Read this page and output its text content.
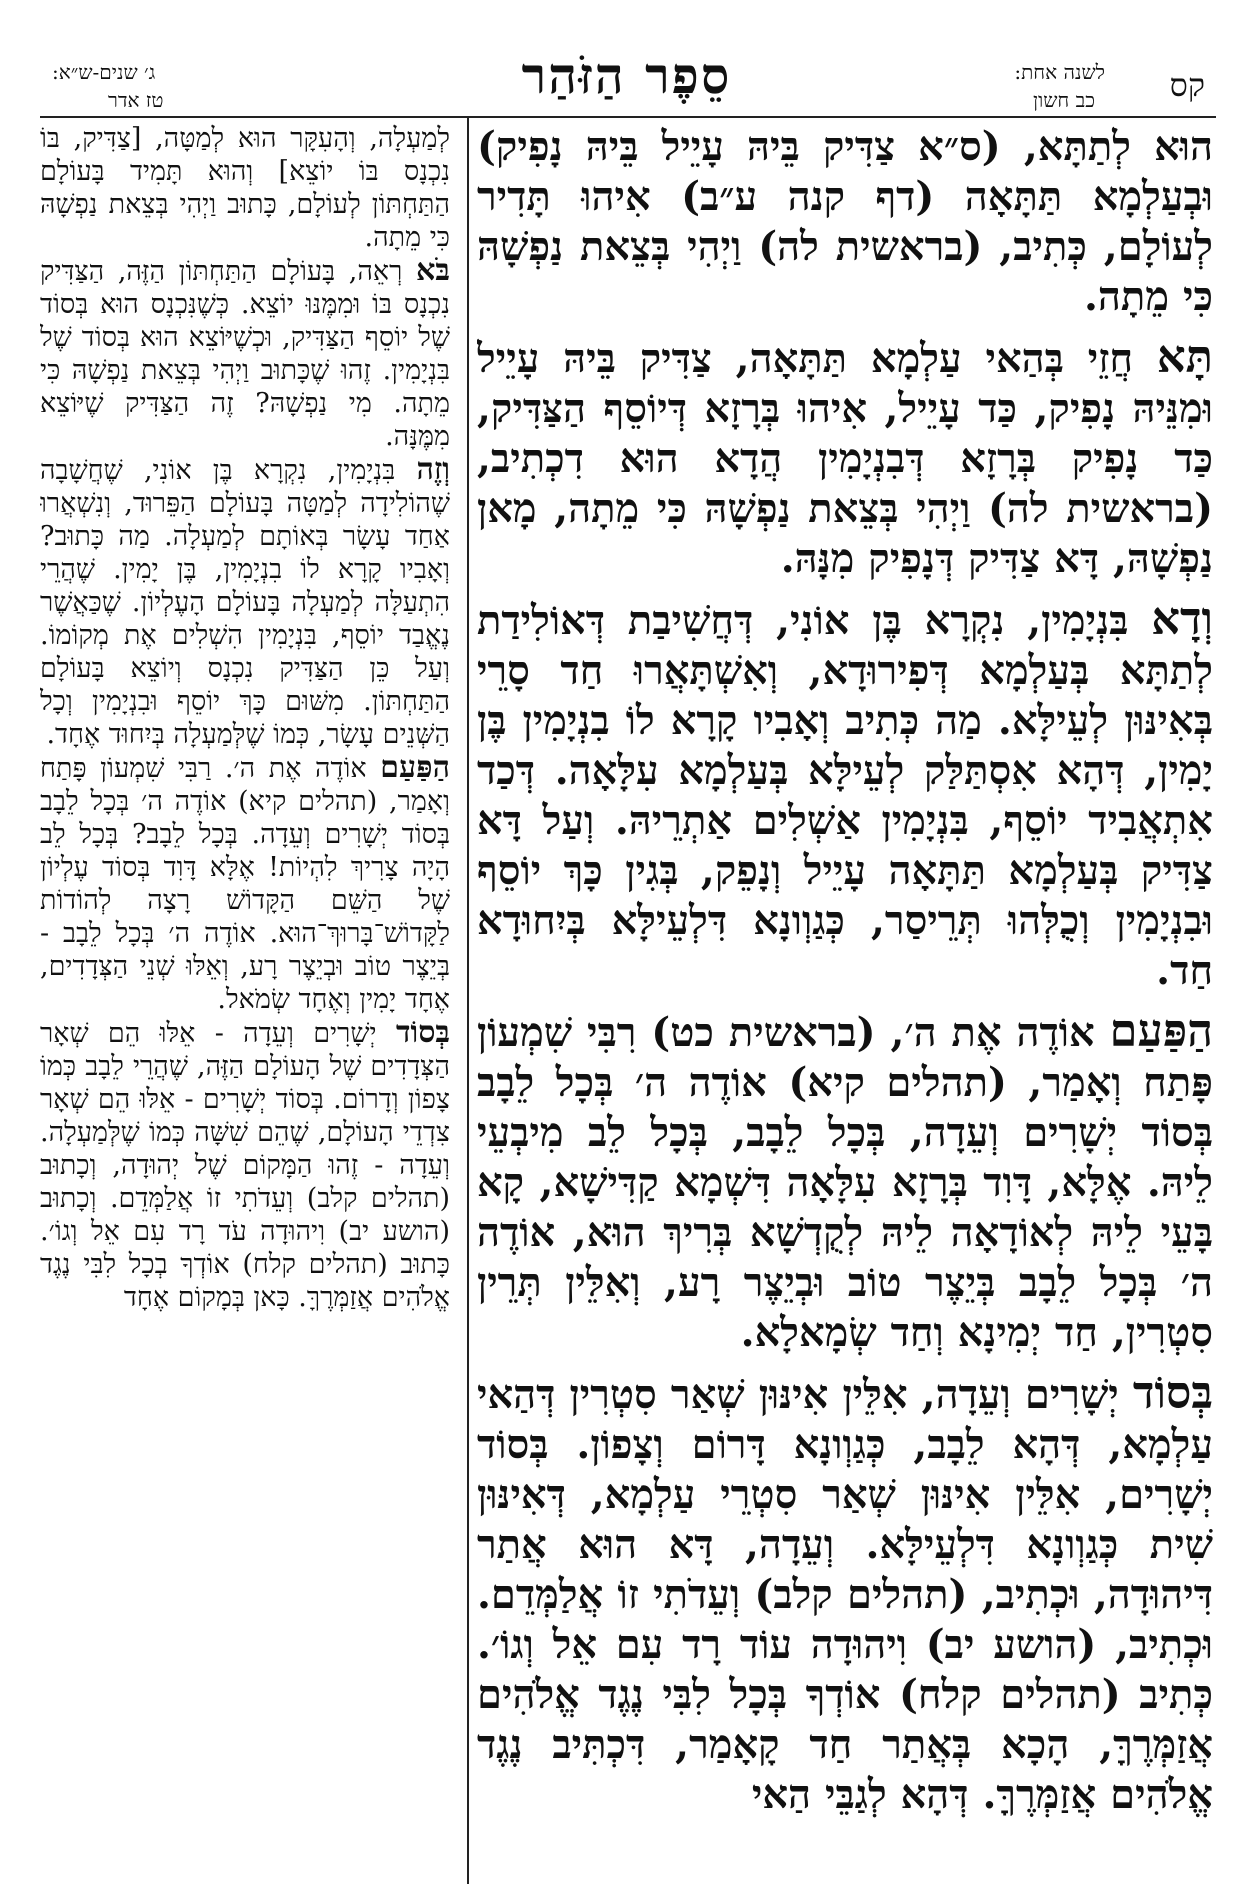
קס
לשנה אחת:
כב חשון
סֵפֶר הַזֹּהַר
ג׳ שנים-ש״א:
טז אדר

הוּא לְתַתָּא, (ס״א צַדִּיק בֵּיהּ עָיֵיל בֵּיהּ נָפִיק) וּבְעַלְמָא תַּתָּאָה (דף קנה ע״ב) אִיהוּ תָּדִיר לְעוֹלָם, כְּתִיב, (בראשית לה) וַיְהִי בְּצֵאת נַפְשָׁהּ כִּי מֵתָה.

תָּא חֲזֵי בְּהַאי עַלְמָא תַּתָּאָה, צַדִּיק בֵּיהּ עָיֵיל וּמִנֵּיהּ נָפִיק, כַּד עָיֵיל, אִיהוּ בְּרָזָא דְּיוֹסֵף הַצַּדִּיק, כַּד נָפִיק בְּרָזָא דְּבִנְיָמִין הֲדָא הוּא דִכְתִיב, (בראשית לה) וַיְהִי בְּצֵאת נַפְשָׁהּ כִּי מֵתָה, מָאן נַפְשָׁהּ, דָּא צַדִּיק דְּנָפִיק מִנָּהּ.

וְדָא בִּנְיָמִין, נִקְרָא בֶּן אוֹנִי, דְּחֲשִׁיבַת דְּאוֹלִידַת לְתַתָּא בְּעַלְמָא דְּפִירוּדָא, וְאִשְׁתָּאֲרוּ חַד סָרֵי בְּאִינּוּן לְעֵילָּא. מַה כְּתִיב וְאָבִיו קָרָא לוֹ בִנְיָמִין בֶּן יָמִין, דְּהָא אִסְתַּלַּק לְעֵילָּא בְּעַלְמָא עִלָּאָה. דְּכַד אִתְאֲבִיד יוֹסֵף, בִּנְיָמִין אַשְׁלִים אַתְרֵיהּ. וְעַל דָּא צַדִּיק בְּעַלְמָא תַּתָּאָה עָיֵיל וְנָפֵק, בְּגִין כָּךְ יוֹסֵף וּבִנְיָמִין וְכֻלְּהוּ תְּרֵיסַר, כְּגַוְונָא דִּלְעֵילָּא בְּיִחוּדָא חַד.

הַפַּעַם אוֹדֶה אֶת ה׳, (בראשית כט) רִבִּי שִׁמְעוֹן פָּתַח וְאָמַר, (תהלים קיא) אוֹדֶה ה׳ בְּכָל לֵבָב בְּסוֹד יְשָׁרִים וְעֵדָה, בְּכָל לֵבָב, בְּכָל לֵב מִיבְעֵי לֵיהּ. אֶלָּא, דָּוִד בְּרָזָא עִלָּאָה דִּשְׁמָא קַדִּישָׁא, קָא בָּעֵי לֵיהּ לְאוֹדָאָה לֵיהּ לְקֻדְשָׁא בְּרִיךְ הוּא, אוֹדֶה ה׳ בְּכָל לֵבָב בְּיֵצֶר טוֹב וּבְיֵצֶר רָע, וְאִלֵּין תְּרֵין סִטְרִין, חַד יְמִינָא וְחַד שְׂמָאלָא.

בְּסוֹד יְשָׁרִים וְעֵדָה, אִלֵּין אִינּוּן שְׁאַר סִטְרִין דְּהַאי עַלְמָא, דְּהָא לֵבָב, כְּגַוְונָא דָּרוֹם וְצָפוֹן. בְּסוֹד יְשָׁרִים, אִלֵּין אִינּוּן שְׁאַר סִטְרֵי עַלְמָא, דְּאִינּוּן שִׁית כְּגַוְונָא דִּלְעֵילָּא. וְעֵדָה, דָּא הוּא אֲתַר דִּיהוּדָה, וּכְתִיב, (תהלים קלב) וְעֵדֹתִי זוֹ אֲלַמְּדֵם. וּכְתִיב, (הושע יב) וִיהוּדָה עוֹד רָד עִם אֵל וְגוֹ׳. כְּתִיב (תהלים קלח) אוֹדְךָ בְּכָל לִבִּי נֶגֶד אֱלֹהִים אֲזַמְּרֶךָּ, הָכָא בְּאֲתַר חַד קָאָמַר, דִּכְתִּיב נֶגֶד אֱלֹהִים אֲזַמְּרֶךָּ. דְּהָא לְגַבֵּי הַאי

לְמַעְלָה, וְהָעִקָּר הוּא לְמַטָּה, [צַדִּיק, בּוֹ נִכְנָס בּוֹ יוֹצֵא] וְהוּא תָּמִיד בָּעוֹלָם הַתַּחְתּוֹן לְעוֹלָם, כָּתוּב וַיְהִי בְּצֵאת נַפְשָׁהּ כִּי מֵתָה.

בֹּא רְאֵה, בָּעוֹלָם הַתַּחְתּוֹן הַזֶּה, הַצַּדִּיק נִכְנָס בּוֹ וּמִמֶּנּוּ יוֹצֵא. כְּשֶׁנִּכְנָס הוּא בְּסוֹד שֶׁל יוֹסֵף הַצַּדִּיק, וּכְשֶׁיּוֹצֵא הוּא בְּסוֹד שֶׁל בִּנְיָמִין. זֶהוּ שֶׁכָּתוּב וַיְהִי בְּצֵאת נַפְשָׁהּ כִּי מֵתָה. מִי נַפְשָׁהּ? זֶה הַצַּדִּיק שֶׁיּוֹצֵא מִמֶּנָּה.

וְזֶה בִּנְיָמִין, נִקְרָא בֶּן אוֹנִי, שֶׁחֲשָׁבָה שֶׁהוֹלִידָה לְמַטָּה בָּעוֹלָם הַפֵּרוּד, וְנִשְׁאֲרוּ אַחַד עָשָׂר בְּאוֹתָם לְמַעְלָה. מַה כָּתוּב? וְאָבִיו קָרָא לוֹ בִנְיָמִין, בֶּן יָמִין. שֶׁהֲרֵי הִתְעַלָּה לְמַעְלָה בָּעוֹלָם הָעֶלְיוֹן. שֶׁכַּאֲשֶׁר נֶאֱבַד יוֹסֵף, בִּנְיָמִין הִשְׁלִים אֶת מְקוֹמוֹ. וְעַל כֵּן הַצַּדִּיק נִכְנָס וְיוֹצֵא בָּעוֹלָם הַתַּחְתּוֹן. מִשּׁוּם כָּךְ יוֹסֵף וּבִנְיָמִין וְכָל הַשְּׁנֵים עָשָׂר, כְּמוֹ שֶׁלְּמַעְלָה בְּיִחוּד אֶחָד.

הַפַּעַם אוֹדֶה אֶת ה׳. רַבִּי שִׁמְעוֹן פָּתַח וְאָמַר, (תהלים קיא) אוֹדֶה ה׳ בְּכָל לֵבָב בְּסוֹד יְשָׁרִים וְעֵדָה. בְּכָל לֵבָב? בְּכָל לֵב הָיָה צָרִיךְ לִהְיוֹת! אֶלָּא דָּוִד בְּסוֹד עֶלְיוֹן שֶׁל הַשֵּׁם הַקָּדוֹשׁ רָצָה לְהוֹדוֹת לַקָּדוֹשׁ־בָּרוּךְ־הוּא. אוֹדֶה ה׳ בְּכָל לֵבָב - בְּיֵצֶר טוֹב וּבְיֵצֶר רָע, וְאֵלּוּ שְׁנֵי הַצְּדָדִים, אֶחָד יָמִין וְאֶחָד שְׂמֹאל.

בְּסוֹד יְשָׁרִים וְעֵדָה - אֵלּוּ הֵם שְׁאָר הַצְּדָדִים שֶׁל הָעוֹלָם הַזֶּה, שֶׁהֲרֵי לֵבָב כְּמוֹ צָפוֹן וְדָרוֹם. בְּסוֹד יְשָׁרִים - אֵלּוּ הֵם שְׁאָר צִדְדֵי הָעוֹלָם, שֶׁהֵם שִׁשָּׁה כְּמוֹ שֶׁלְּמַעְלָה. וְעֵדָה - זֶהוּ הַמָּקוֹם שֶׁל יְהוּדָה, וְכָתוּב (תהלים קלב) וְעֵדֹתִי זוֹ אֲלַמְּדֵם. וְכָתוּב (הושע יב) וִיהוּדָה עֹד רָד עִם אֵל וְגוֹ׳. כָּתוּב (תהלים קלח) אוֹדְךָ בְכָל לִבִּי נֶגֶד אֱלֹהִים אֲזַמְּרֶךָּ. כָּאן בְּמָקוֹם אֶחָד
